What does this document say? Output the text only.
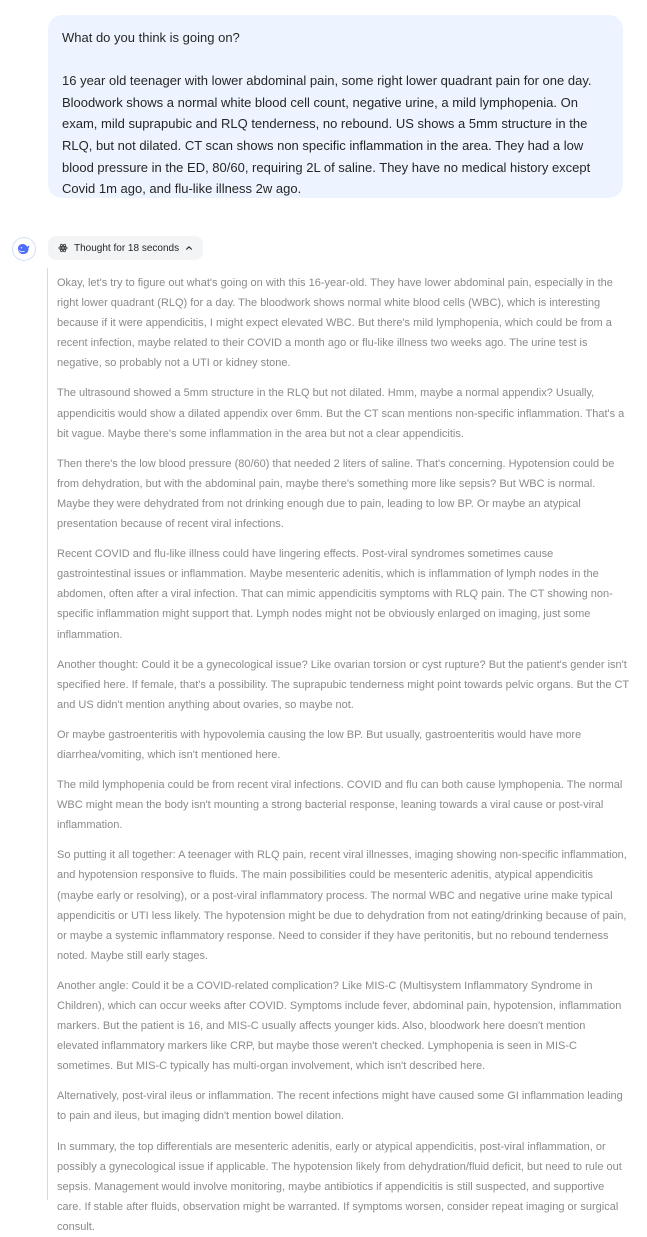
What do you think is going on?

16 year old teenager with lower abdominal pain, some right lower quadrant pain for one day. Bloodwork shows a normal white blood cell count, negative urine, a mild lymphopenia. On exam, mild suprapubic and RLQ tenderness, no rebound. US shows a 5mm structure in the RLQ, but not dilated. CT scan shows non specific inflammation in the area. They had a low blood pressure in the ED, 80/60, requiring 2L of saline. They have no medical history except Covid 1m ago, and flu-like illness 2w ago.

Thought for 18 seconds

Okay, let's try to figure out what's going on with this 16-year-old. They have lower abdominal pain, especially in the right lower quadrant (RLQ) for a day. The bloodwork shows normal white blood cells (WBC), which is interesting because if it were appendicitis, I might expect elevated WBC. But there's mild lymphopenia, which could be from a recent infection, maybe related to their COVID a month ago or flu-like illness two weeks ago. The urine test is negative, so probably not a UTI or kidney stone.

The ultrasound showed a 5mm structure in the RLQ but not dilated. Hmm, maybe a normal appendix? Usually, appendicitis would show a dilated appendix over 6mm. But the CT scan mentions non-specific inflammation. That's a bit vague. Maybe there's some inflammation in the area but not a clear appendicitis.

Then there's the low blood pressure (80/60) that needed 2 liters of saline. That's concerning. Hypotension could be from dehydration, but with the abdominal pain, maybe there's something more like sepsis? But WBC is normal. Maybe they were dehydrated from not drinking enough due to pain, leading to low BP. Or maybe an atypical presentation because of recent viral infections.

Recent COVID and flu-like illness could have lingering effects. Post-viral syndromes sometimes cause gastrointestinal issues or inflammation. Maybe mesenteric adenitis, which is inflammation of lymph nodes in the abdomen, often after a viral infection. That can mimic appendicitis symptoms with RLQ pain. The CT showing non-specific inflammation might support that. Lymph nodes might not be obviously enlarged on imaging, just some inflammation.

Another thought: Could it be a gynecological issue? Like ovarian torsion or cyst rupture? But the patient's gender isn't specified here. If female, that's a possibility. The suprapubic tenderness might point towards pelvic organs. But the CT and US didn't mention anything about ovaries, so maybe not.

Or maybe gastroenteritis with hypovolemia causing the low BP. But usually, gastroenteritis would have more diarrhea/vomiting, which isn't mentioned here.

The mild lymphopenia could be from recent viral infections. COVID and flu can both cause lymphopenia. The normal WBC might mean the body isn't mounting a strong bacterial response, leaning towards a viral cause or post-viral inflammation.

So putting it all together: A teenager with RLQ pain, recent viral illnesses, imaging showing non-specific inflammation, and hypotension responsive to fluids. The main possibilities could be mesenteric adenitis, atypical appendicitis (maybe early or resolving), or a post-viral inflammatory process. The normal WBC and negative urine make typical appendicitis or UTI less likely. The hypotension might be due to dehydration from not eating/drinking because of pain, or maybe a systemic inflammatory response. Need to consider if they have peritonitis, but no rebound tenderness noted. Maybe still early stages.

Another angle: Could it be a COVID-related complication? Like MIS-C (Multisystem Inflammatory Syndrome in Children), which can occur weeks after COVID. Symptoms include fever, abdominal pain, hypotension, inflammation markers. But the patient is 16, and MIS-C usually affects younger kids. Also, bloodwork here doesn't mention elevated inflammatory markers like CRP, but maybe those weren't checked. Lymphopenia is seen in MIS-C sometimes. But MIS-C typically has multi-organ involvement, which isn't described here.

Alternatively, post-viral ileus or inflammation. The recent infections might have caused some GI inflammation leading to pain and ileus, but imaging didn't mention bowel dilation.

In summary, the top differentials are mesenteric adenitis, early or atypical appendicitis, post-viral inflammation, or possibly a gynecological issue if applicable. The hypotension likely from dehydration/fluid deficit, but need to rule out sepsis. Management would involve monitoring, maybe antibiotics if appendicitis is still suspected, and supportive care. If stable after fluids, observation might be warranted. If symptoms worsen, consider repeat imaging or surgical consult.
